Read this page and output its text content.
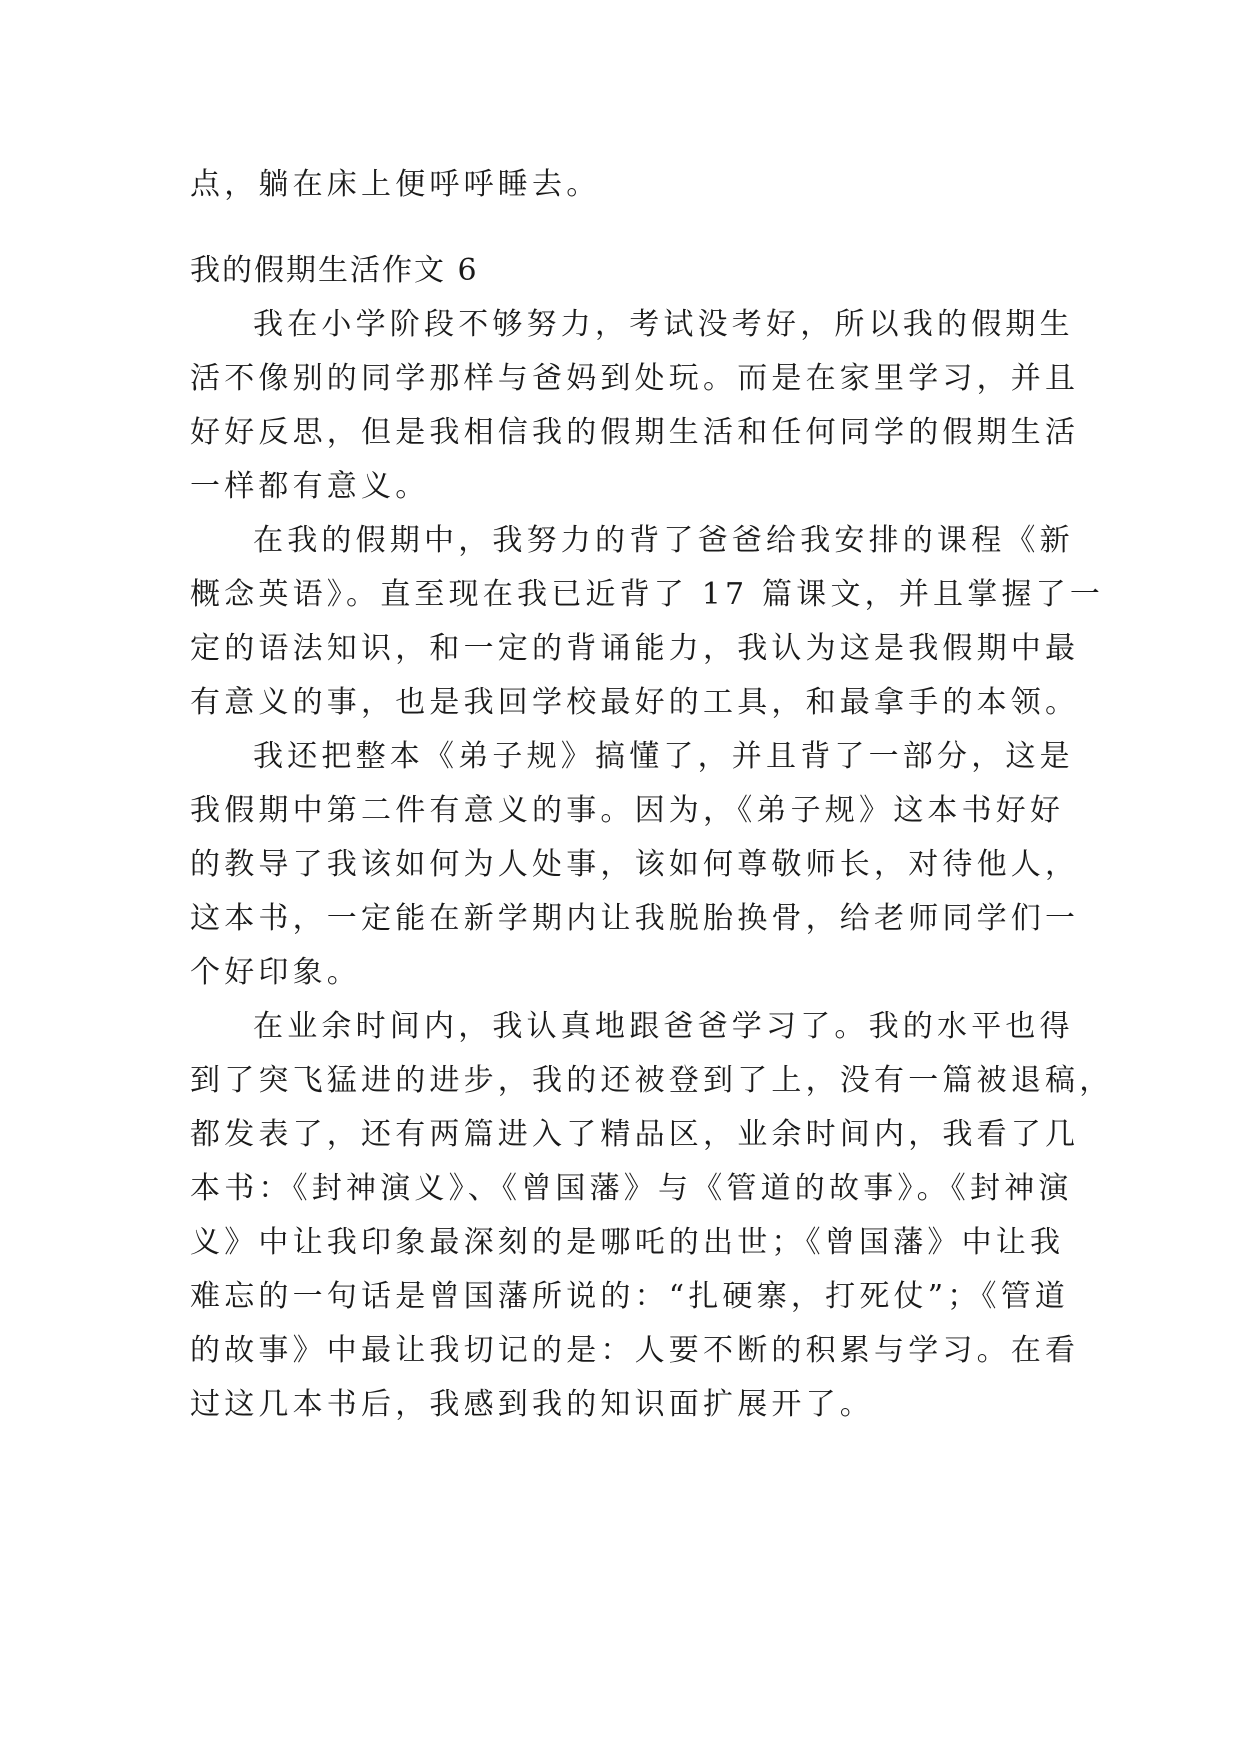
点，躺在床上便呼呼睡去。
我的假期生活作文 6
我在小学阶段不够努力，考试没考好，所以我的假期生
活不像别的同学那样与爸妈到处玩。而是在家里学习，并且
好好反思，但是我相信我的假期生活和任何同学的假期生活
一样都有意义。
在我的假期中，我努力的背了爸爸给我安排的课程《新
概念英语》。直至现在我已近背了 17 篇课文，并且掌握了一
定的语法知识，和一定的背诵能力，我认为这是我假期中最
有意义的事，也是我回学校最好的工具，和最拿手的本领。
我还把整本《弟子规》搞懂了，并且背了一部分，这是
我假期中第二件有意义的事。因为，《弟子规》这本书好好
的教导了我该如何为人处事，该如何尊敬师长，对待他人，
这本书，一定能在新学期内让我脱胎换骨，给老师同学们一
个好印象。
在业余时间内，我认真地跟爸爸学习了。我的水平也得
到了突飞猛进的进步，我的还被登到了上，没有一篇被退稿，
都发表了，还有两篇进入了精品区，业余时间内，我看了几
本书：《封神演义》、《曾国藩》与《管道的故事》。《封神演
义》中让我印象最深刻的是哪吒的出世；《曾国藩》中让我
难忘的一句话是曾国藩所说的：“扎硬寨，打死仗”；《管道
的故事》中最让我切记的是：人要不断的积累与学习。在看
过这几本书后，我感到我的知识面扩展开了。
